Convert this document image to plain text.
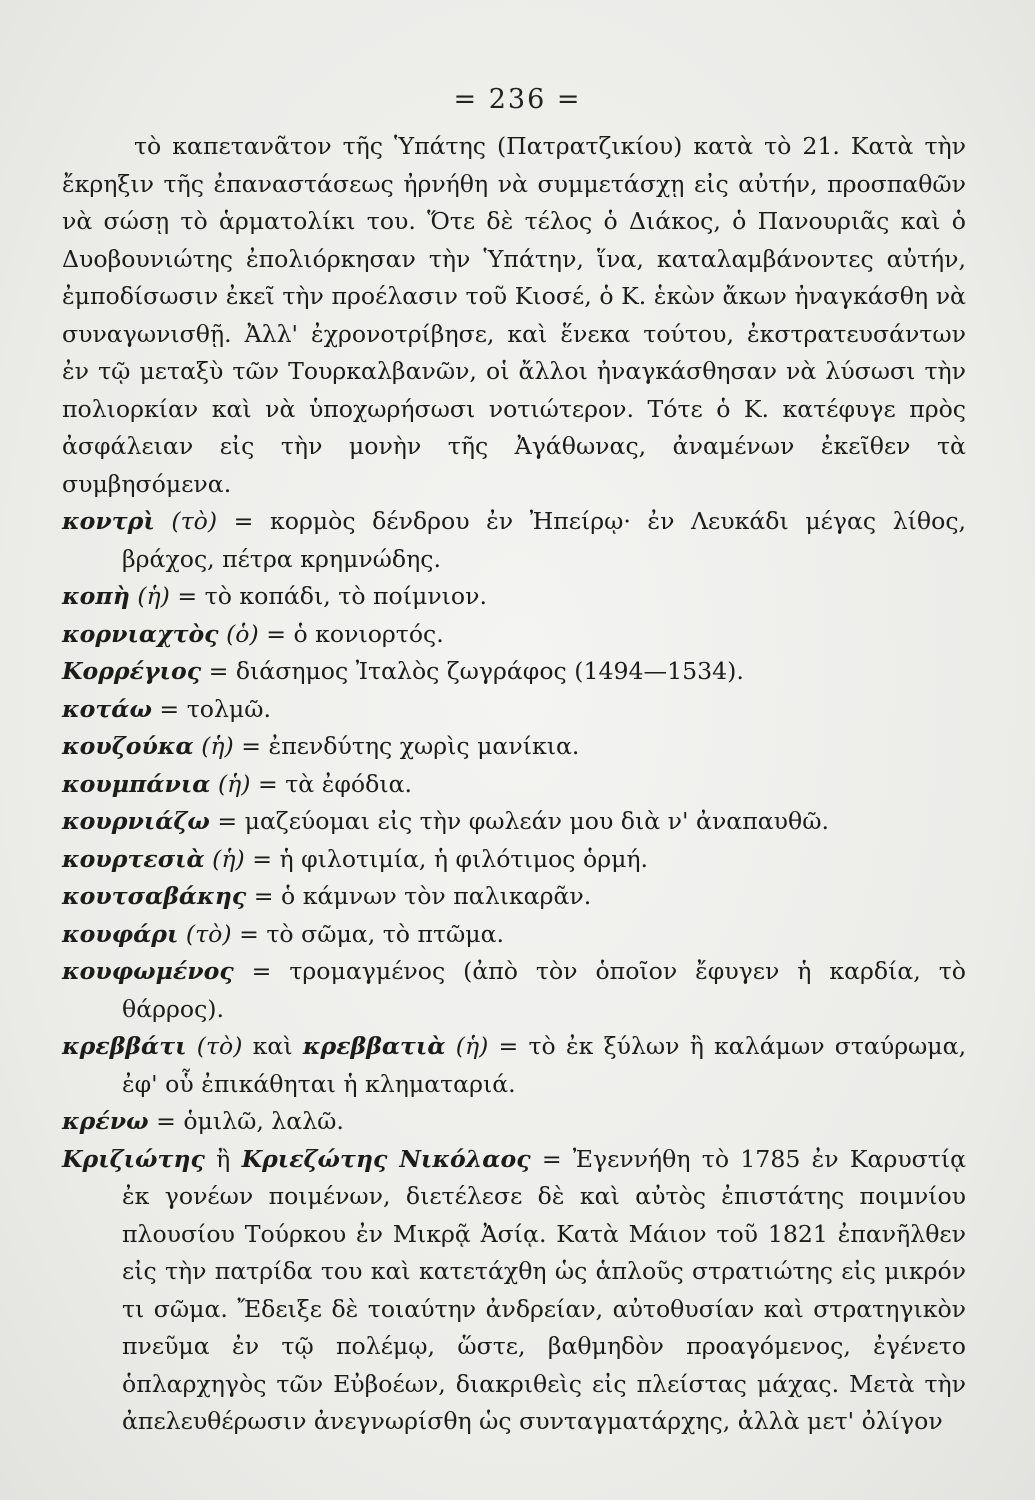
= 236 =

τὸ καπετανᾶτον τῆς Ὑπάτης (Πατρατζικίου) κατὰ τὸ 21. Κατὰ τὴν ἔκρηξιν τῆς ἐπαναστάσεως ἠρνήθη νὰ συμμετάσχῃ εἰς αὐτήν, προσπαθῶν νὰ σώσῃ τὸ ἁρματολίκι του. Ὅτε δὲ τέλος ὁ Διάκος, ὁ Πανουριᾶς καὶ ὁ Δυοβουνιώτης ἐπολιόρκησαν τὴν Ὑπάτην, ἵνα, καταλαμβάνοντες αὐτήν, ἐμποδίσωσιν ἐκεῖ τὴν προέλασιν τοῦ Κιοσέ, ὁ Κ. ἑκὼν ἄκων ἠναγκάσθη νὰ συναγωνισθῇ. Ἀλλ' ἐχρονοτρίβησε, καὶ ἕνεκα τούτου, ἐκστρατευσάντων ἐν τῷ μεταξὺ τῶν Τουρκαλβανῶν, οἱ ἄλλοι ἠναγκάσθησαν νὰ λύσωσι τὴν πολιορκίαν καὶ νὰ ὑποχωρήσωσι νοτιώτερον. Τότε ὁ Κ. κατέφυγε πρὸς ἀσφάλειαν εἰς τὴν μονὴν τῆς Ἀγάθωνας, ἀναμένων ἐκεῖθεν τὰ συμβησόμενα.

κοντρὶ (τὸ) = κορμὸς δένδρου ἐν Ἠπείρῳ· ἐν Λευκάδι μέγας λίθος, βράχος, πέτρα κρημνώδης.

κοπὴ (ἡ) = τὸ κοπάδι, τὸ ποίμνιον.

κορνιαχτὸς (ὁ) = ὁ κονιορτός.

Κορρέγιος = διάσημος Ἰταλὸς ζωγράφος (1494—1534).

κοτάω = τολμῶ.

κουζούκα (ἡ) = ἐπενδύτης χωρὶς μανίκια.

κουμπάνια (ἡ) = τὰ ἐφόδια.

κουρνιάζω = μαζεύομαι εἰς τὴν φωλεάν μου διὰ ν' ἀναπαυθῶ.

κουρτεσιὰ (ἡ) = ἡ φιλοτιμία, ἡ φιλότιμος ὁρμή.

κουτσαβάκης = ὁ κάμνων τὸν παλικαρᾶν.

κουφάρι (τὸ) = τὸ σῶμα, τὸ πτῶμα.

κουφωμένος = τρομαγμένος (ἀπὸ τὸν ὁποῖον ἔφυγεν ἡ καρδία, τὸ θάρρος).

κρεββάτι (τὸ) καὶ κρεββατιὰ (ἡ) = τὸ ἐκ ξύλων ἢ καλάμων σταύρωμα, ἐφ' οὗ ἐπικάθηται ἡ κληματαριά.

κρένω = ὁμιλῶ, λαλῶ.

Κριζιώτης ἢ Κριεζώτης Νικόλαος = Ἐγεννήθη τὸ 1785 ἐν Καρυστίᾳ ἐκ γονέων ποιμένων, διετέλεσε δὲ καὶ αὐτὸς ἐπιστάτης ποιμνίου πλουσίου Τούρκου ἐν Μικρᾷ Ἀσίᾳ. Κατὰ Μάιον τοῦ 1821 ἐπανῆλθεν εἰς τὴν πατρίδα του καὶ κατετάχθη ὡς ἁπλοῦς στρατιώτης εἰς μικρόν τι σῶμα. Ἔδειξε δὲ τοιαύτην ἀνδρείαν, αὐτοθυσίαν καὶ στρατηγικὸν πνεῦμα ἐν τῷ πολέμῳ, ὥστε, βαθμηδὸν προαγόμενος, ἐγένετο ὁπλαρχηγὸς τῶν Εὐβοέων, διακριθεὶς εἰς πλείστας μάχας. Μετὰ τὴν ἀπελευθέρωσιν ἀνεγνωρίσθη ὡς συνταγματάρχης, ἀλλὰ μετ' ὀλίγον
